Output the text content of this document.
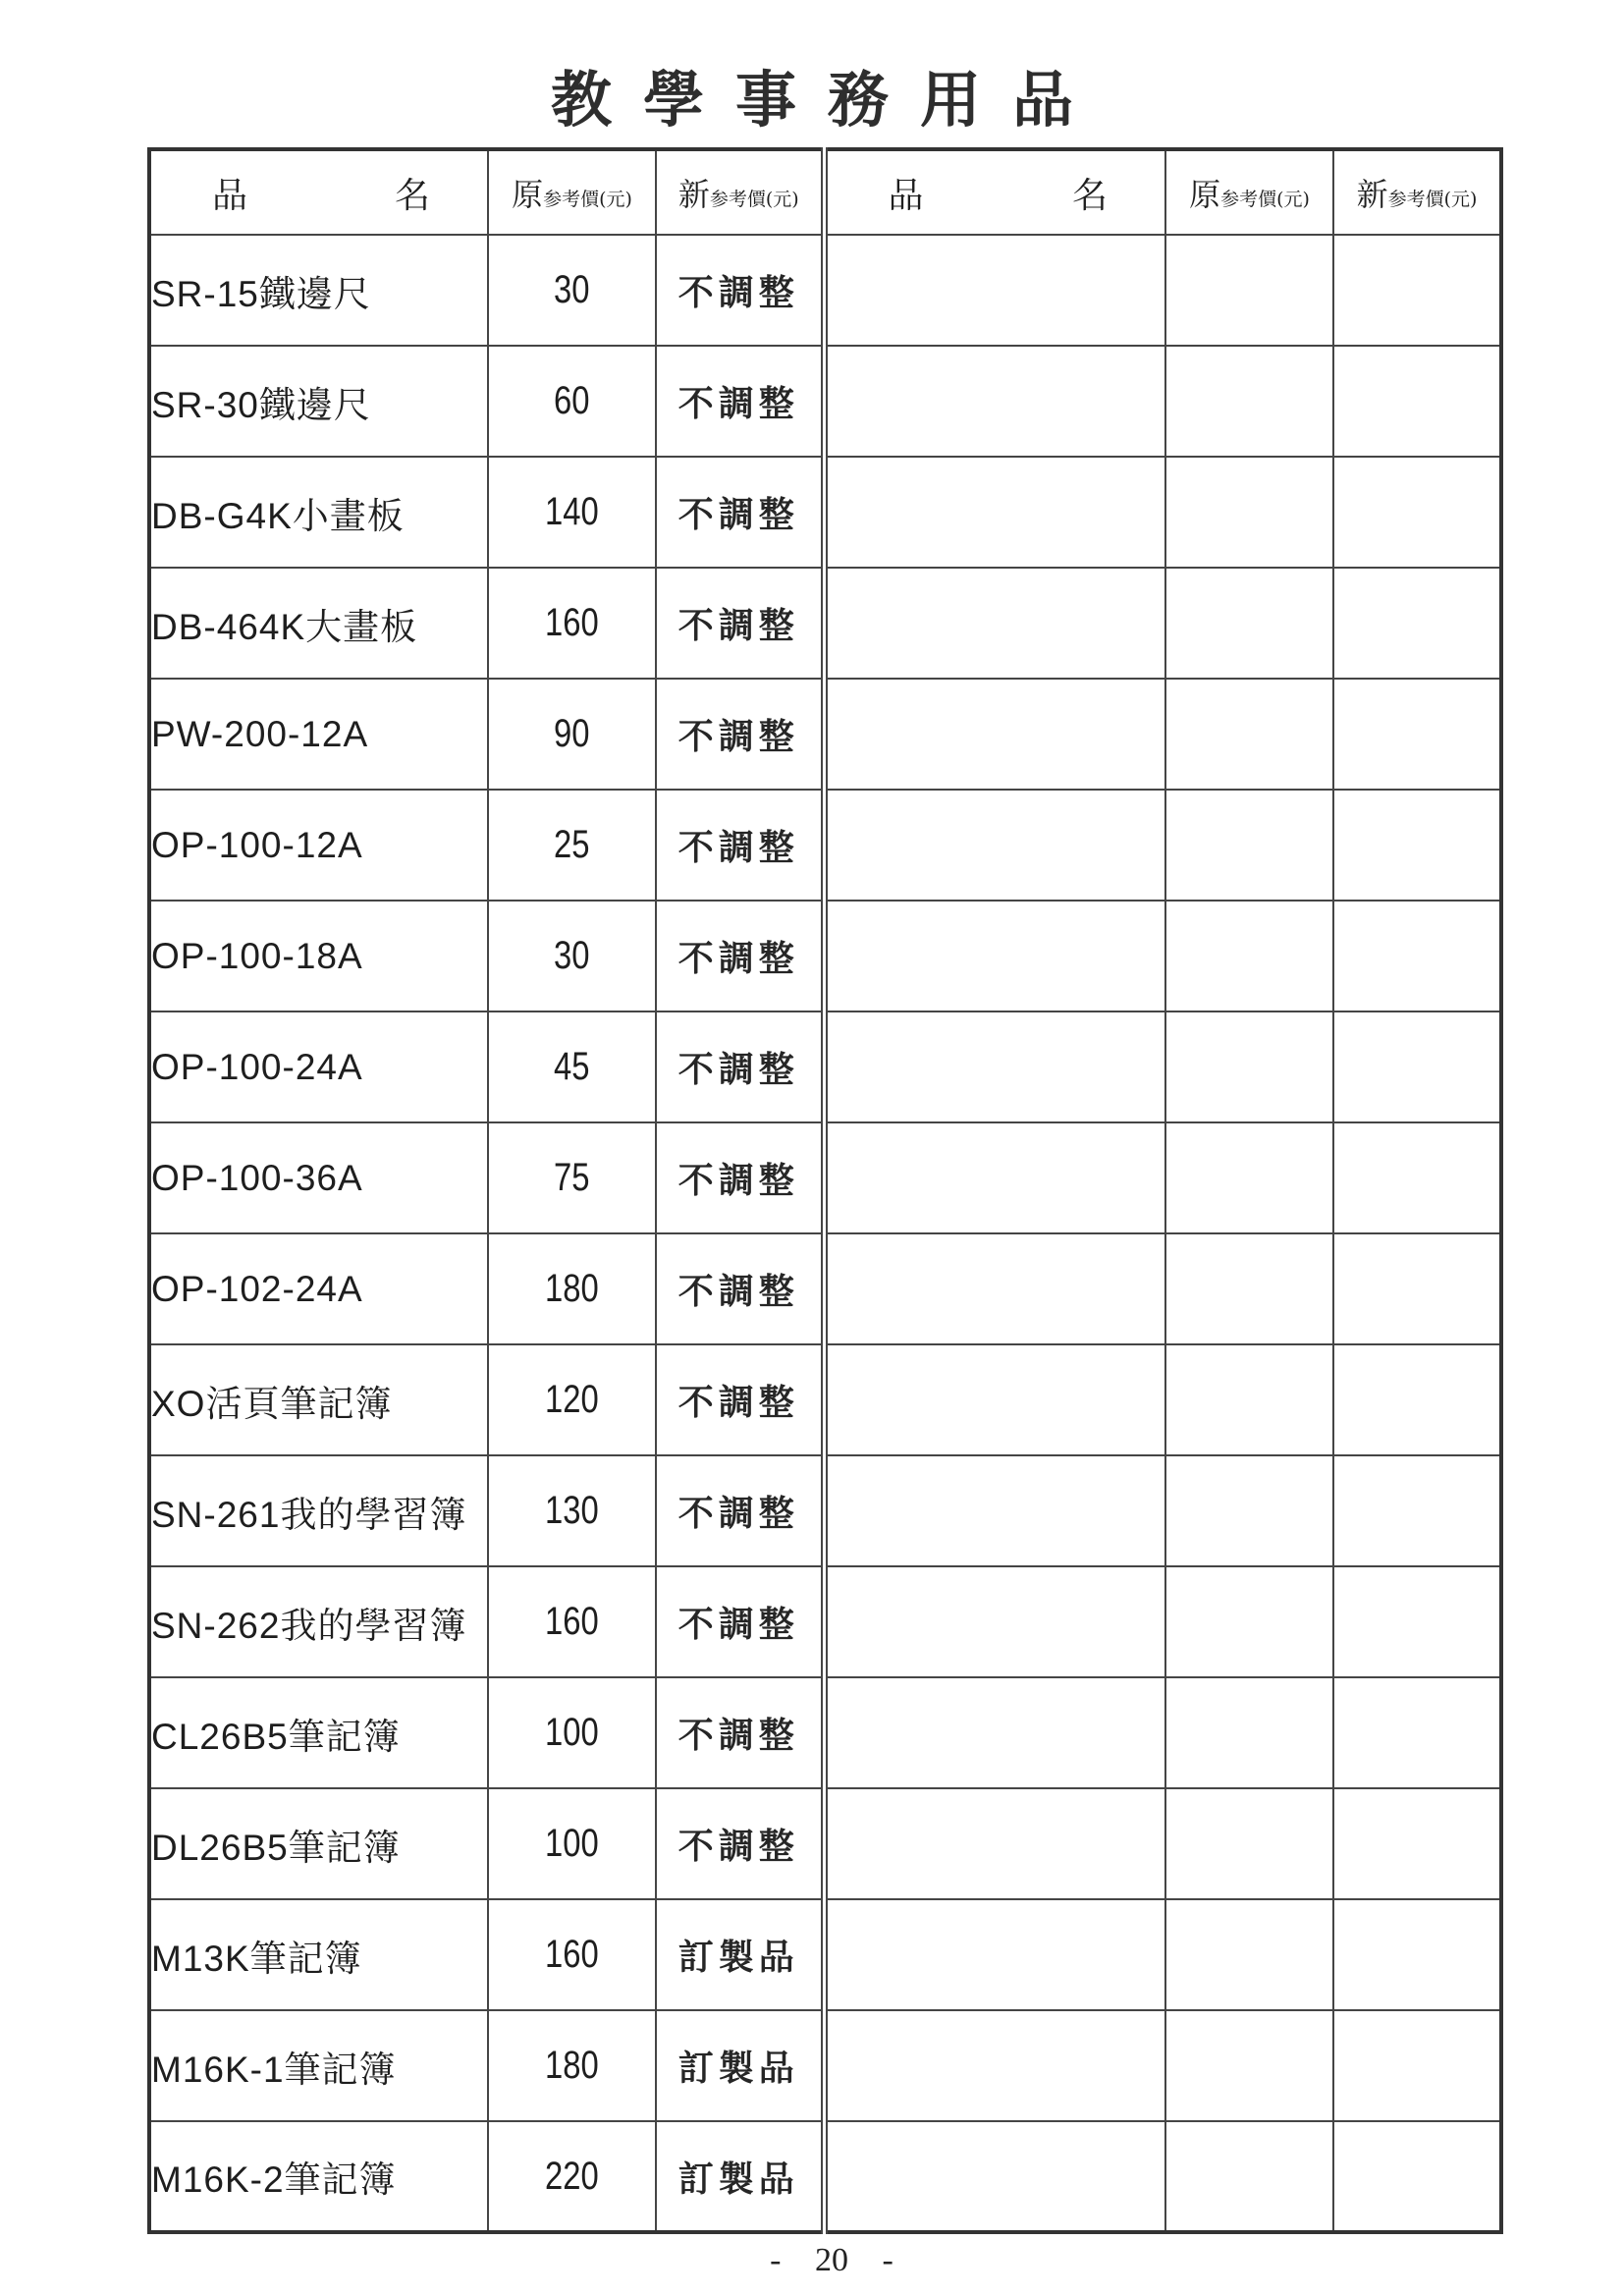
教學事務用品
品 名	原参考價(元)	新参考價(元)	品 名	原参考價(元)	新参考價(元)
SR-15鐵邊尺	30	不調整			
SR-30鐵邊尺	60	不調整			
DB-G4K小畫板	140	不調整			
DB-464K大畫板	160	不調整			
PW-200-12A	90	不調整			
OP-100-12A	25	不調整			
OP-100-18A	30	不調整			
OP-100-24A	45	不調整			
OP-100-36A	75	不調整			
OP-102-24A	180	不調整			
XO活頁筆記簿	120	不調整			
SN-261我的學習簿	130	不調整			
SN-262我的學習簿	160	不調整			
CL26B5筆記簿	100	不調整			
DL26B5筆記簿	100	不調整			
M13K筆記簿	160	訂製品			
M16K-1筆記簿	180	訂製品			
M16K-2筆記簿	220	訂製品			
- 20 -
